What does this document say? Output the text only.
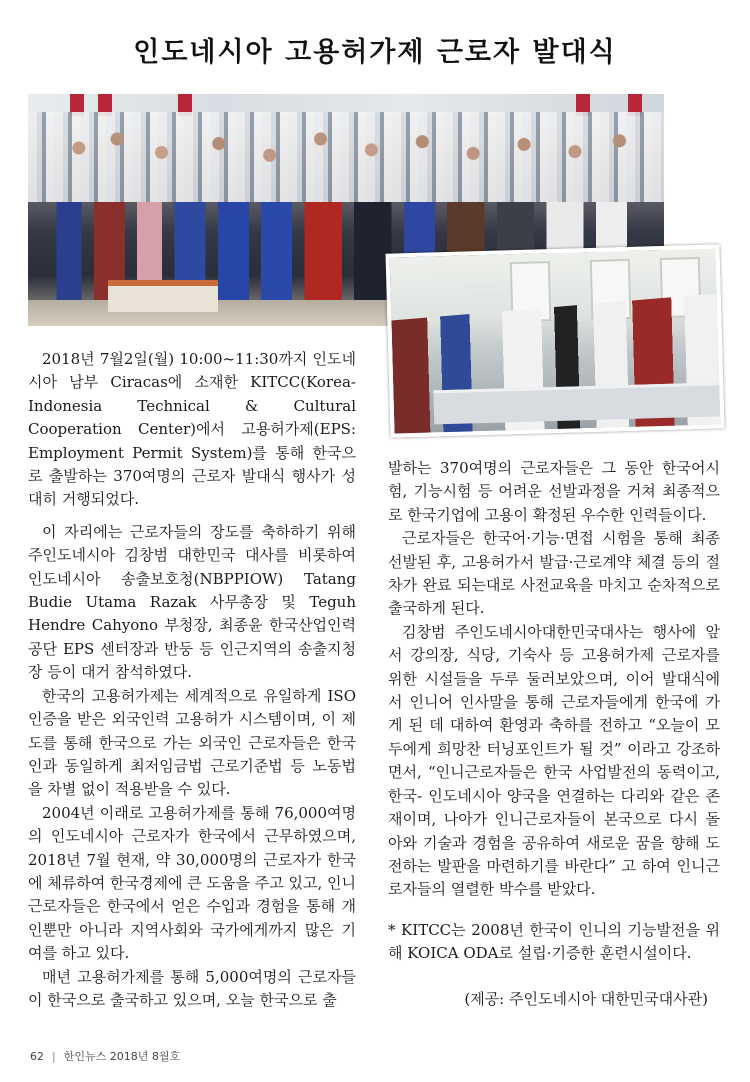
인도네시아 고용허가제 근로자 발대식

2018년 7월2일(월) 10:00~11:30까지 인도네시아 남부 Ciracas에 소재한 KITCC(Korea-Indonesia Technical & Cultural Cooperation Center)에서 고용허가제(EPS: Employment Permit System)를 통해 한국으로 출발하는 370여명의 근로자 발대식 행사가 성대히 거행되었다.

이 자리에는 근로자들의 장도를 축하하기 위해 주인도네시아 김창범 대한민국 대사를 비롯하여 인도네시아 송출보호청(NBPPIOW) Tatang Budie Utama Razak 사무총장 및 Teguh Hendre Cahyono 부청장, 최종윤 한국산업인력공단 EPS 센터장과 반둥 등 인근지역의 송출지청장 등이 대거 참석하였다.

한국의 고용허가제는 세계적으로 유일하게 ISO 인증을 받은 외국인력 고용허가 시스템이며, 이 제도를 통해 한국으로 가는 외국인 근로자들은 한국인과 동일하게 최저임금법 근로기준법 등 노동법을 차별 없이 적용받을 수 있다.

2004년 이래로 고용허가제를 통해 76,000여명의 인도네시아 근로자가 한국에서 근무하였으며, 2018년 7월 현재, 약 30,000명의 근로자가 한국에 체류하여 한국경제에 큰 도움을 주고 있고, 인니 근로자들은 한국에서 얻은 수입과 경험을 통해 개인뿐만 아니라 지역사회와 국가에게까지 많은 기여를 하고 있다.

매년 고용허가제를 통해 5,000여명의 근로자들이 한국으로 출국하고 있으며, 오늘 한국으로 출

발하는 370여명의 근로자들은 그 동안 한국어시험, 기능시험 등 어려운 선발과정을 거쳐 최종적으로 한국기업에 고용이 확정된 우수한 인력들이다.

근로자들은 한국어·기능·면접 시험을 통해 최종 선발된 후, 고용허가서 발급·근로계약 체결 등의 절차가 완료 되는대로 사전교육을 마치고 순차적으로 출국하게 된다.

김창범 주인도네시아대한민국대사는 행사에 앞서 강의장, 식당, 기숙사 등 고용허가제 근로자를 위한 시설들을 두루 둘러보았으며, 이어 발대식에서 인니어 인사말을 통해 근로자들에게 한국에 가게 된 데 대하여 환영과 축하를 전하고 “오늘이 모두에게 희망찬 터닝포인트가 될 것” 이라고 강조하면서, “인니근로자들은 한국 사업발전의 동력이고, 한국- 인도네시아 양국을 연결하는 다리와 같은 존재이며, 나아가 인니근로자들이 본국으로 다시 돌아와 기술과 경험을 공유하여 새로운 꿈을 향해 도전하는 발판을 마련하기를 바란다” 고 하여 인니근로자들의 열렬한 박수를 받았다.

* KITCC는 2008년 한국이 인니의 기능발전을 위해 KOICA ODA로 설립·기증한 훈련시설이다.

(제공: 주인도네시아 대한민국대사관)

62 | 한인뉴스 2018년 8월호
